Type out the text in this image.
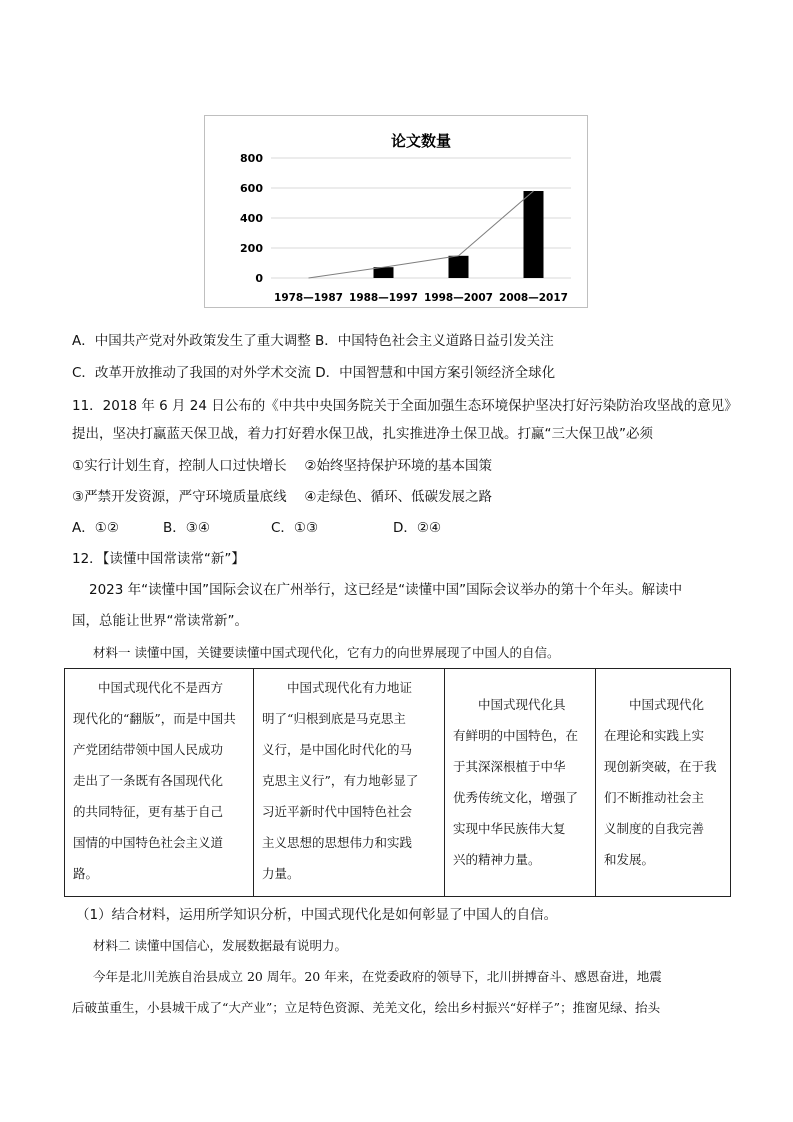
论文数量
0
200
400
600
800
1978—1987 1988—1997 1998—2007 2008—2017
A．中国共产党对外政策发生了重大调整 B．中国特色社会主义道路日益引发关注
C．改革开放推动了我国的对外学术交流 D．中国智慧和中国方案引领经济全球化
11．2018 年 6 月 24 日公布的《中共中央国务院关于全面加强生态环境保护坚决打好污染防治攻坚战的意见》
提出，坚决打赢蓝天保卫战，着力打好碧水保卫战，扎实推进净土保卫战。打赢“三大保卫战”必须
①实行计划生育，控制人口过快增长　 ②始终坚持保护环境的基本国策
③严禁开发资源，严守环境质量底线　 ④走绿色、循环、低碳发展之路
A．①②	B．③④	C．①③	D．②④
12．【读懂中国常读常“新”】
2023 年“读懂中国”国际会议在广州举行，这已经是“读懂中国”国际会议举办的第十个年头。解读中
国，总能让世界“常读常新”。
材料一 读懂中国，关键要读懂中国式现代化，它有力的向世界展现了中国人的自信。
中国式现代化不是西方
现代化的“翻版”，而是中国共
产党团结带领中国人民成功
走出了一条既有各国现代化
的共同特征，更有基于自己
国情的中国特色社会主义道
路。

中国式现代化有力地证
明了“归根到底是马克思主
义行，是中国化时代化的马
克思主义行”，有力地彰显了
习近平新时代中国特色社会
主义思想的思想伟力和实践
力量。

中国式现代化具
有鲜明的中国特色，在
于其深深根植于中华
优秀传统文化，增强了
实现中华民族伟大复
兴的精神力量。

中国式现代化
在理论和实践上实
现创新突破，在于我
们不断推动社会主
义制度的自我完善
和发展。
（1）结合材料，运用所学知识分析，中国式现代化是如何彰显了中国人的自信。
材料二 读懂中国信心，发展数据最有说明力。
今年是北川羌族自治县成立 20 周年。20 年来，在党委政府的领导下，北川拼搏奋斗、感恩奋进，地震
后破茧重生，小县城干成了“大产业”；立足特色资源、羌羌文化，绘出乡村振兴“好样子”；推窗见绿、抬头
